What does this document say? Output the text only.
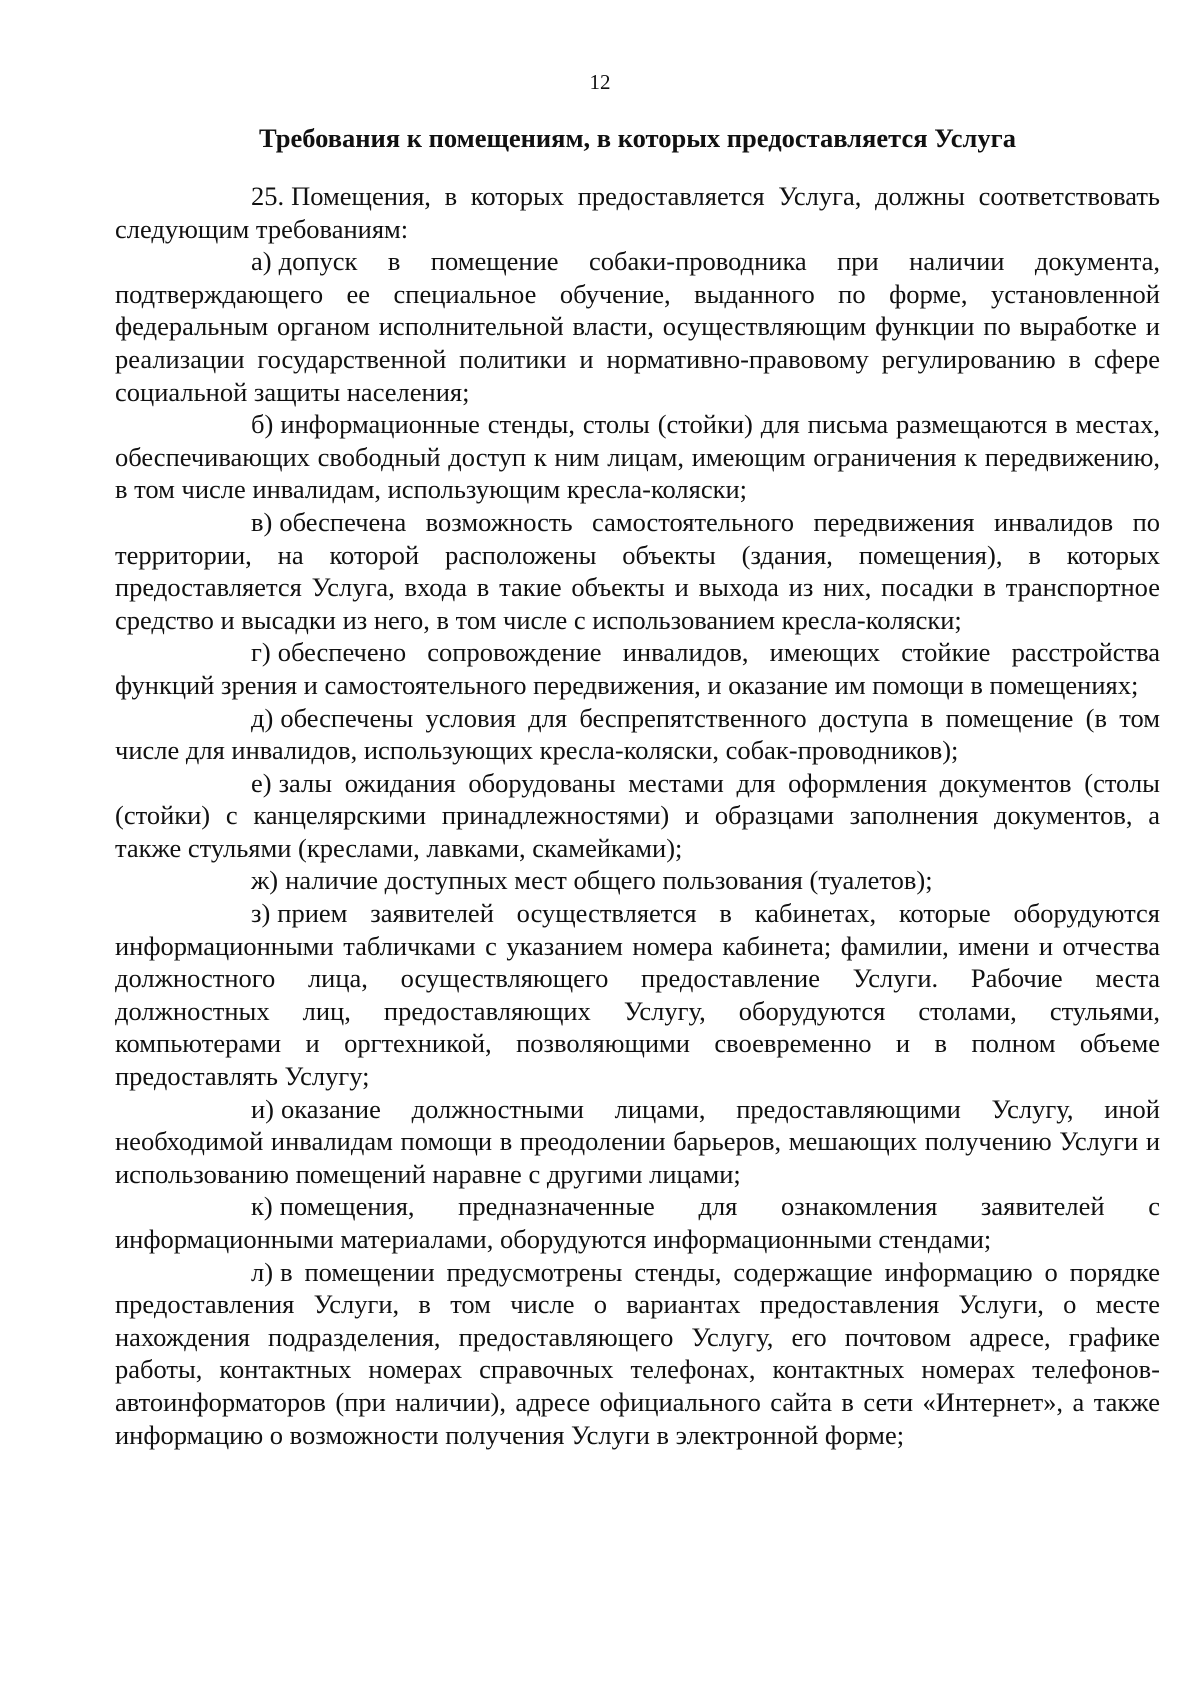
12
Требования к помещениям, в которых предоставляется Услуга

25. Помещения, в которых предоставляется Услуга, должны соответствовать следующим требованиям:

а) допуск в помещение собаки-проводника при наличии документа, подтверждающего ее специальное обучение, выданного по форме, установленной федеральным органом исполнительной власти, осуществляющим функции по выработке и реализации государственной политики и нормативно-правовому регулированию в сфере социальной защиты населения;

б) информационные стенды, столы (стойки) для письма размещаются в местах, обеспечивающих свободный доступ к ним лицам, имеющим ограничения к передвижению, в том числе инвалидам, использующим кресла-коляски;

в) обеспечена возможность самостоятельного передвижения инвалидов по территории, на которой расположены объекты (здания, помещения), в которых предоставляется Услуга, входа в такие объекты и выхода из них, посадки в транспортное средство и высадки из него, в том числе с использованием кресла-коляски;

г) обеспечено сопровождение инвалидов, имеющих стойкие расстройства функций зрения и самостоятельного передвижения, и оказание им помощи в помещениях;

д) обеспечены условия для беспрепятственного доступа в помещение (в том числе для инвалидов, использующих кресла-коляски, собак-проводников);

е) залы ожидания оборудованы местами для оформления документов (столы (стойки) с канцелярскими принадлежностями) и образцами заполнения документов, а также стульями (креслами, лавками, скамейками);

ж) наличие доступных мест общего пользования (туалетов);

з) прием заявителей осуществляется в кабинетах, которые оборудуются информационными табличками с указанием номера кабинета; фамилии, имени и отчества должностного лица, осуществляющего предоставление Услуги. Рабочие места должностных лиц, предоставляющих Услугу, оборудуются столами, стульями, компьютерами и оргтехникой, позволяющими своевременно и в полном объеме предоставлять Услугу;

и) оказание должностными лицами, предоставляющими Услугу, иной необходимой инвалидам помощи в преодолении барьеров, мешающих получению Услуги и использованию помещений наравне с другими лицами;

к) помещения, предназначенные для ознакомления заявителей с информационными материалами, оборудуются информационными стендами;

л) в помещении предусмотрены стенды, содержащие информацию о порядке предоставления Услуги, в том числе о вариантах предоставления Услуги, о месте нахождения подразделения, предоставляющего Услугу, его почтовом адресе, графике работы, контактных номерах справочных телефонах, контактных номерах телефонов-автоинформаторов (при наличии), адресе официального сайта в сети «Интернет», а также информацию о возможности получения Услуги в электронной форме;
